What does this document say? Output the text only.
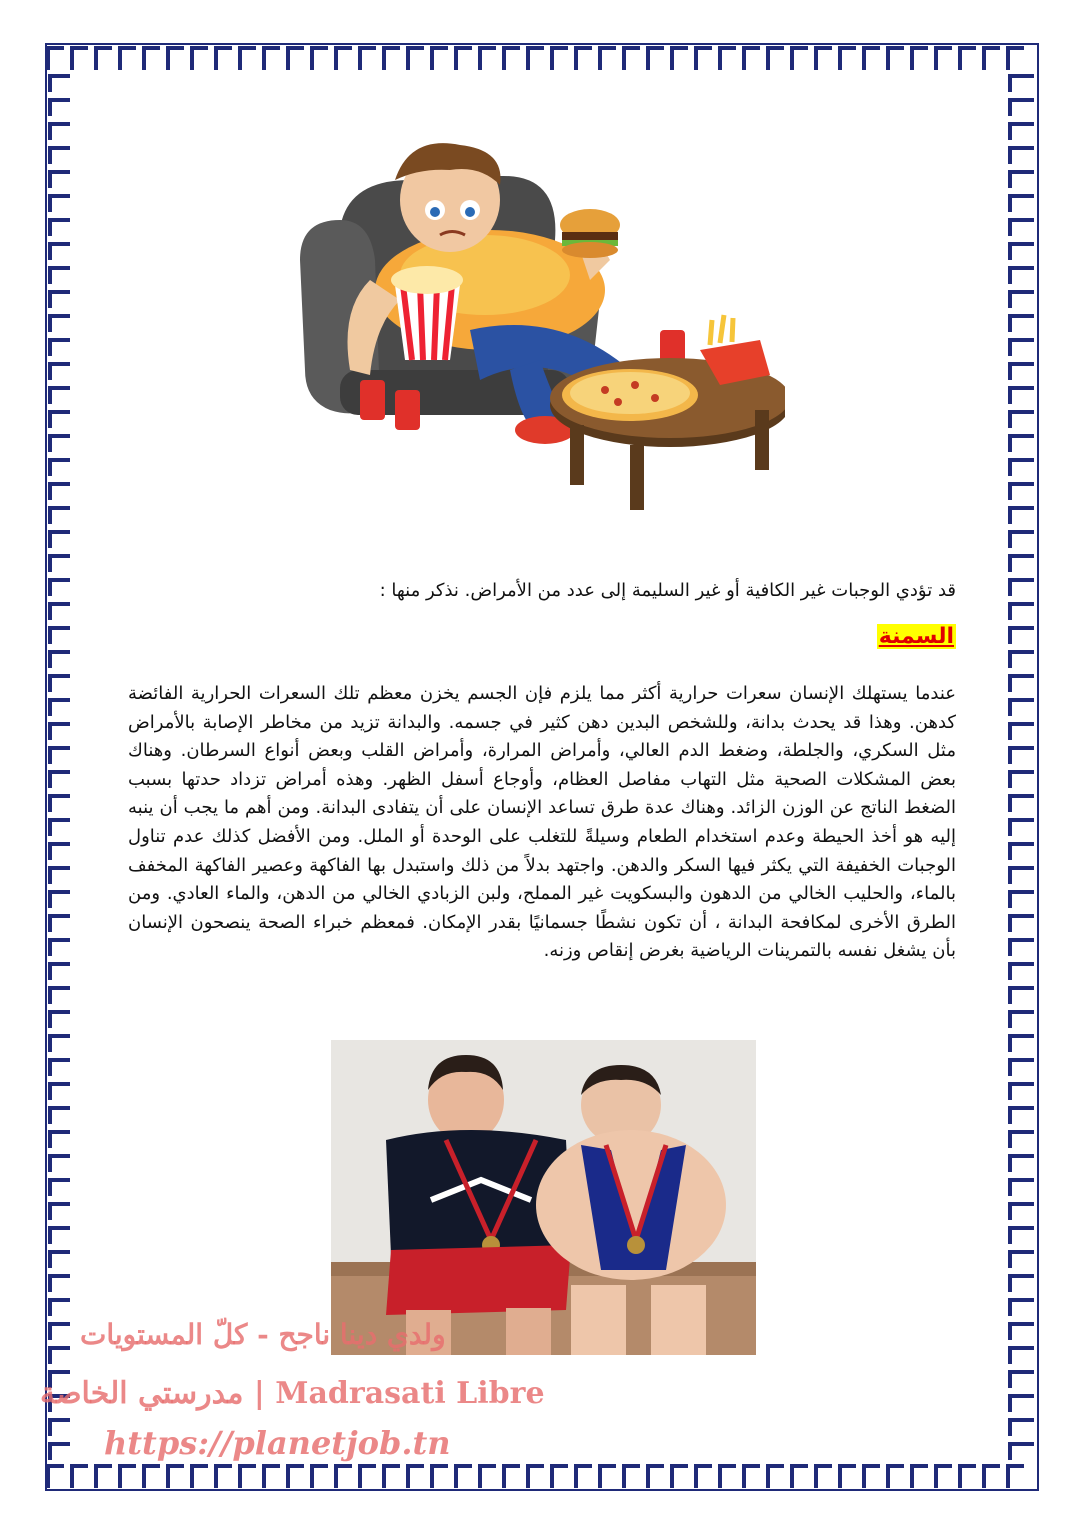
قد تؤدي الوجبات غير الكافية أو غير السليمة إلى عدد من الأمراض. نذكر منها :

السمنة

عندما يستهلك الإنسان سعرات حرارية أكثر مما يلزم فإن الجسم يخزن معظم تلك السعرات الحرارية الفائضة كدهن. وهذا قد يحدث بدانة، وللشخص البدين دهن كثير في جسمه. والبدانة تزيد من مخاطر الإصابة بالأمراض مثل السكري، والجلطة، وضغط الدم العالي، وأمراض المرارة، وأمراض القلب وبعض أنواع السرطان. وهناك بعض المشكلات الصحية مثل التهاب مفاصل العظام، وأوجاع أسفل الظهر. وهذه أمراض تزداد حدتها بسبب الضغط الناتج عن الوزن الزائد. وهناك عدة طرق تساعد الإنسان على أن يتفادى البدانة. ومن أهم ما يجب أن ينبه إليه هو أخذ الحيطة وعدم استخدام الطعام وسيلةً للتغلب على الوحدة أو الملل. ومن الأفضل كذلك عدم تناول الوجبات الخفيفة التي يكثر فيها السكر والدهن. واجتهد بدلاً من ذلك واستبدل بها الفاكهة وعصير الفاكهة المخفف بالماء، والحليب الخالي من الدهون والبسكويت غير المملح، ولبن الزبادي الخالي من الدهن، والماء العادي. ومن الطرق الأخرى لمكافحة البدانة ، أن تكون نشطًا جسمانيًا بقدر الإمكان. فمعظم خبراء الصحة ينصحون الإنسان بأن يشغل نفسه بالتمرينات الرياضية بغرض إنقاص وزنه.

ولدي دينا ناجح - كلّ المستويات
مدرستي الخاصة | Madrasati Libre
https://planetjob.tn
